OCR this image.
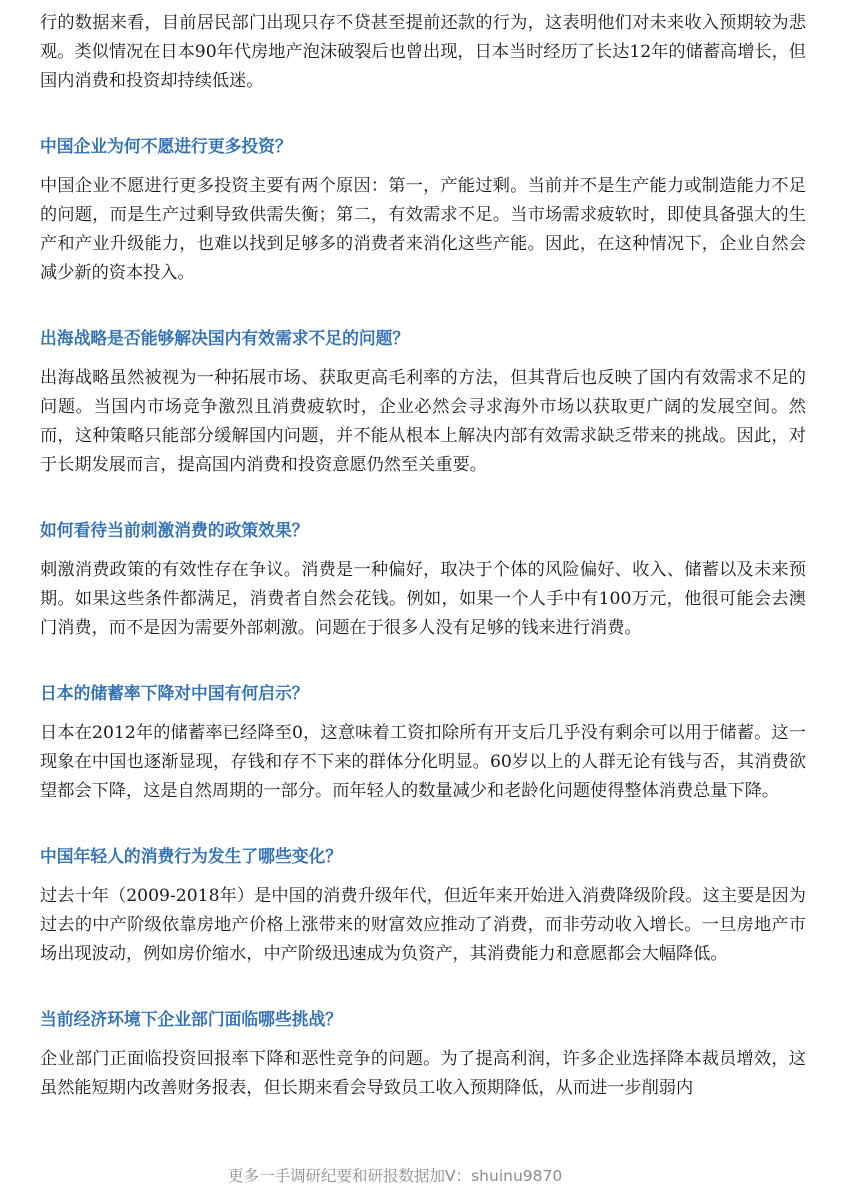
行的数据来看，目前居民部门出现只存不贷甚至提前还款的行为，这表明他们对未来收入预期较为悲观。类似情况在日本90年代房地产泡沫破裂后也曾出现，日本当时经历了长达12年的储蓄高增长，但国内消费和投资却持续低迷。

中国企业为何不愿进行更多投资？

中国企业不愿进行更多投资主要有两个原因：第一，产能过剩。当前并不是生产能力或制造能力不足的问题，而是生产过剩导致供需失衡；第二，有效需求不足。当市场需求疲软时，即使具备强大的生产和产业升级能力，也难以找到足够多的消费者来消化这些产能。因此，在这种情况下，企业自然会减少新的资本投入。

出海战略是否能够解决国内有效需求不足的问题？

出海战略虽然被视为一种拓展市场、获取更高毛利率的方法，但其背后也反映了国内有效需求不足的问题。当国内市场竞争激烈且消费疲软时，企业必然会寻求海外市场以获取更广阔的发展空间。然而，这种策略只能部分缓解国内问题，并不能从根本上解决内部有效需求缺乏带来的挑战。因此，对于长期发展而言，提高国内消费和投资意愿仍然至关重要。

如何看待当前刺激消费的政策效果？

刺激消费政策的有效性存在争议。消费是一种偏好，取决于个体的风险偏好、收入、储蓄以及未来预期。如果这些条件都满足，消费者自然会花钱。例如，如果一个人手中有100万元，他很可能会去澳门消费，而不是因为需要外部刺激。问题在于很多人没有足够的钱来进行消费。

日本的储蓄率下降对中国有何启示？

日本在2012年的储蓄率已经降至0，这意味着工资扣除所有开支后几乎没有剩余可以用于储蓄。这一现象在中国也逐渐显现，存钱和存不下来的群体分化明显。60岁以上的人群无论有钱与否，其消费欲望都会下降，这是自然周期的一部分。而年轻人的数量减少和老龄化问题使得整体消费总量下降。

中国年轻人的消费行为发生了哪些变化？

过去十年（2009-2018年）是中国的消费升级年代，但近年来开始进入消费降级阶段。这主要是因为过去的中产阶级依靠房地产价格上涨带来的财富效应推动了消费，而非劳动收入增长。一旦房地产市场出现波动，例如房价缩水，中产阶级迅速成为负资产，其消费能力和意愿都会大幅降低。

当前经济环境下企业部门面临哪些挑战？

企业部门正面临投资回报率下降和恶性竞争的问题。为了提高利润，许多企业选择降本裁员增效，这虽然能短期内改善财务报表，但长期来看会导致员工收入预期降低，从而进一步削弱内

更多一手调研纪要和研报数据加V：shuinu9870
